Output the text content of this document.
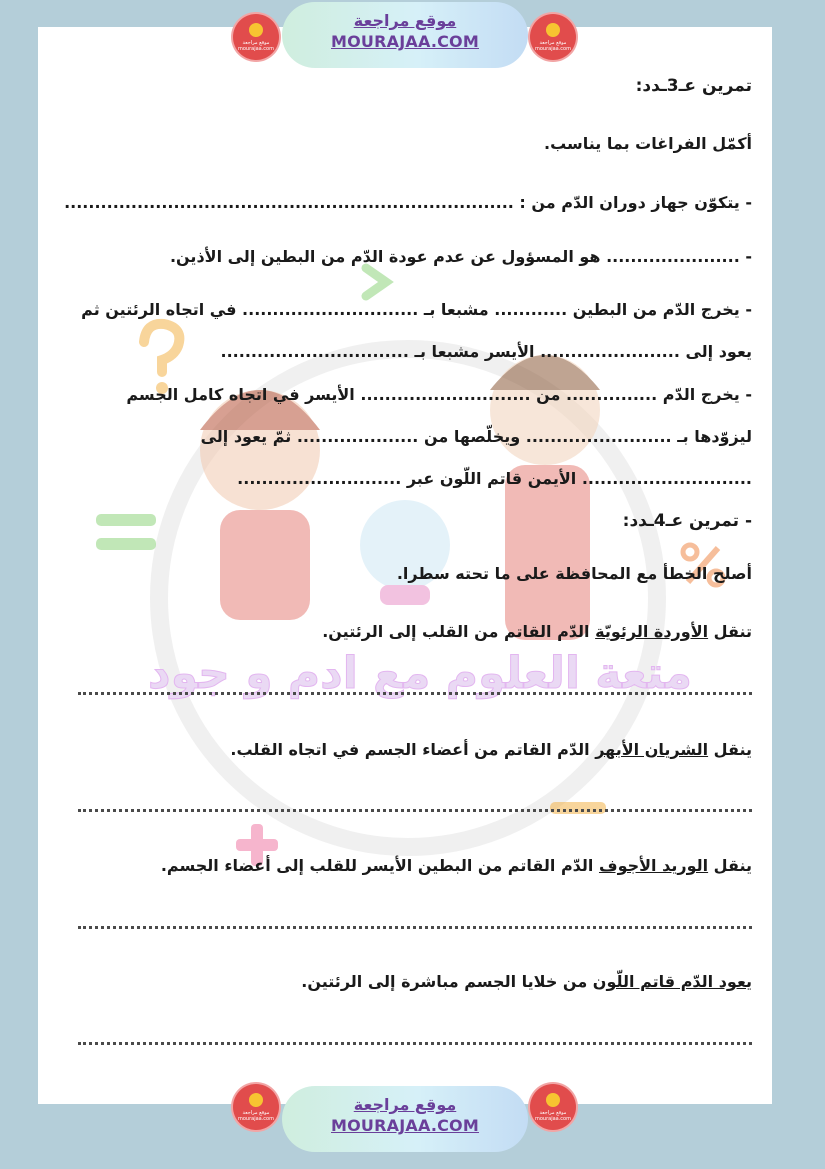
متعة العلوم مع ادم و جود
موقع مراجعة mourajaa.com
موقع مراجعة
MOURAJAA.COM	موقع مراجعة mourajaa.com
تمرين عـ3ـدد:
أكمّل الفراغات بما يناسب.
- يتكوّن جهاز دوران الدّم من : ..........................................................................
- ...................... هو المسؤول عن عدم عودة الدّم من البطين إلى الأذين.
- يخرج الدّم من البطين ............ مشبعا بـ ............................. في اتجاه الرئتين ثم
يعود إلى ....................... الأيسر مشبعا بـ ...............................
- يخرج الدّم ............... من ............................ الأيسر في اتجاه كامل الجسم
ليزوّدها بـ ........................ ويخلّصها من .................... ثمّ يعود إلى
............................ الأيمن قاتم اللّون عبر ...........................
- تمرين عـ4ـدد:
أصلح الخطأ مع المحافظة على ما تحته سطرا.
تنقل الأوردة الرئويّة الدّم القاتم من القلب إلى الرئتين.
ينقل الشريان الأبهر الدّم القاتم من أعضاء الجسم في اتجاه القلب.
ينقل الوريد الأجوف الدّم القاتم من البطين الأيسر للقلب إلى أعضاء الجسم.
يعود الدّم قاتم اللّون من خلايا الجسم مباشرة إلى الرئتين.
موقع مراجعة mourajaa.com
موقع مراجعة
MOURAJAA.COM
موقع مراجعة mourajaa.com
